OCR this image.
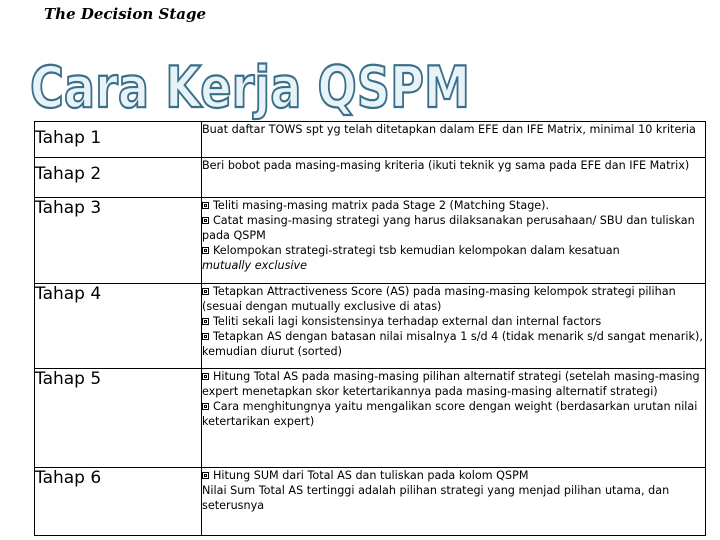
The Decision Stage
Cara Kerja QSPM
Tahap 1	Buat daftar TOWS spt yg telah ditetapkan dalam EFE dan IFE Matrix, minimal 10 kriteria

Tahap 2	Beri bobot pada masing-masing kriteria (ikuti teknik yg sama pada EFE dan IFE Matrix)

Tahap 3	Teliti masing-masing matrix pada Stage 2 (Matching Stage).
Catat masing-masing strategi yang harus dilaksanakan perusahaan/ SBU dan tuliskan pada QSPM
Kelompokan strategi-strategi tsb kemudian kelompokan dalam kesatuan
mutually exclusive

Tahap 4	Tetapkan Attractiveness Score (AS) pada masing-masing kelompok strategi pilihan (sesuai dengan mutually exclusive di atas)
Teliti sekali lagi konsistensinya terhadap external dan internal factors
Tetapkan AS dengan batasan nilai misalnya 1 s/d 4 (tidak menarik s/d sangat menarik), kemudian diurut (sorted)

Tahap 5	Hitung Total AS pada masing-masing pilihan alternatif strategi (setelah masing-masing expert menetapkan skor ketertarikannya pada masing-masing alternatif strategi)
Cara menghitungnya yaitu mengalikan score dengan weight (berdasarkan urutan nilai ketertarikan expert)

Tahap 6	Hitung SUM dari Total AS dan tuliskan pada kolom QSPM
Nilai Sum Total AS tertinggi adalah pilihan strategi yang menjad pilihan utama, dan seterusnya
